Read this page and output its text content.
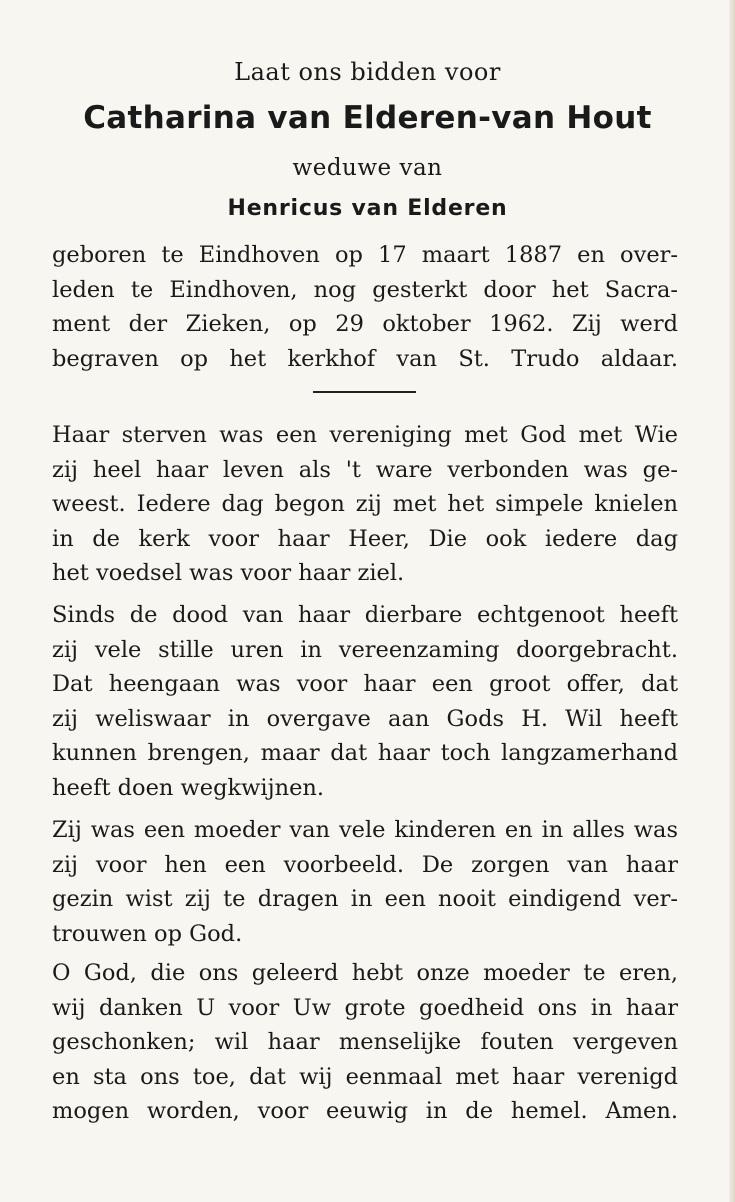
Laat ons bidden voor
Catharina van Elderen-van Hout
weduwe van
Henricus van Elderen
geboren te Eindhoven op 17 maart 1887 en over-
leden te Eindhoven, nog gesterkt door het Sacra-
ment der Zieken, op 29 oktober 1962. Zij werd
begraven op het kerkhof van St. Trudo aldaar.
Haar sterven was een vereniging met God met Wie
zij heel haar leven als 't ware verbonden was ge-
weest. Iedere dag begon zij met het simpele knielen
in de kerk voor haar Heer, Die ook iedere dag
het voedsel was voor haar ziel.
Sinds de dood van haar dierbare echtgenoot heeft
zij vele stille uren in vereenzaming doorgebracht.
Dat heengaan was voor haar een groot offer, dat
zij weliswaar in overgave aan Gods H. Wil heeft
kunnen brengen, maar dat haar toch langzamerhand
heeft doen wegkwijnen.
Zij was een moeder van vele kinderen en in alles was
zij voor hen een voorbeeld. De zorgen van haar
gezin wist zij te dragen in een nooit eindigend ver-
trouwen op God.
O God, die ons geleerd hebt onze moeder te eren,
wij danken U voor Uw grote goedheid ons in haar
geschonken; wil haar menselijke fouten vergeven
en sta ons toe, dat wij eenmaal met haar verenigd
mogen worden, voor eeuwig in de hemel. Amen.
